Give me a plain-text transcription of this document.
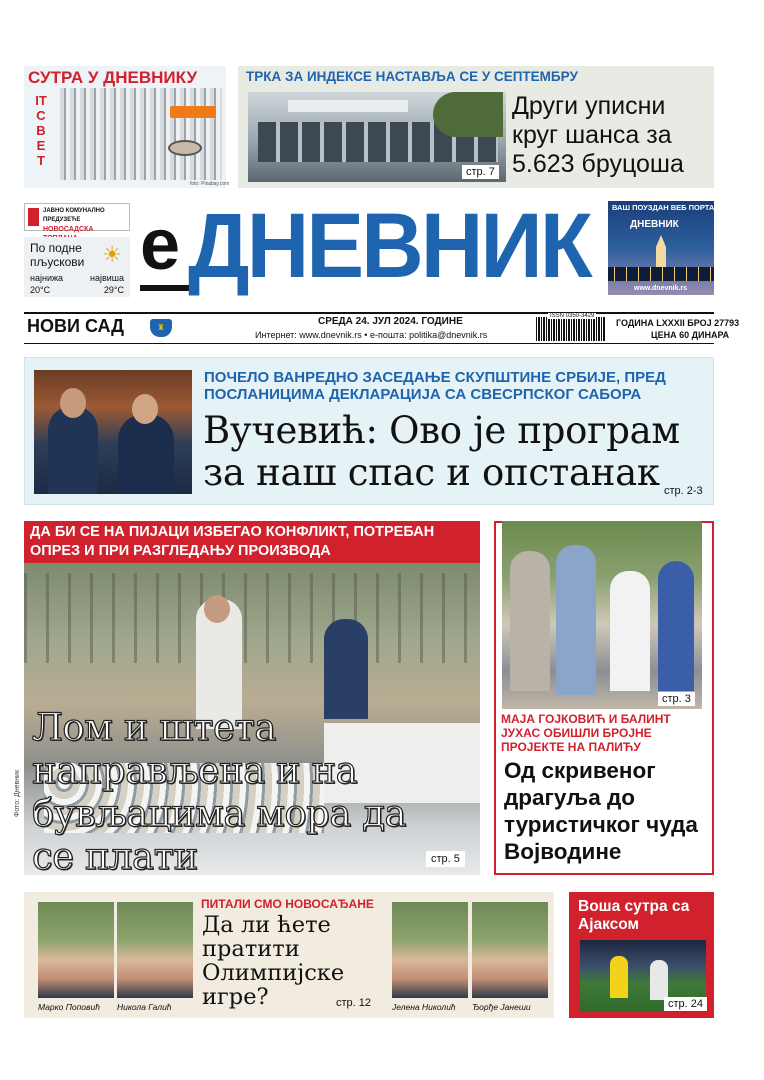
СУТРА У ДНЕВНИКУ
IT
С
В
Е
Т
foto: Pixabay.com
ТРКА ЗА ИНДЕКСЕ НАСТАВЉА СЕ У СЕПТЕМБРУ
Други уписни круг шанса за 5.623 бруцоша
стр. 7
ЈАВНО КОМУНАЛНО ПРЕДУЗЕЋЕ
НОВОСАДСКА
По подне пљускови ☀
најнижа	највиша
20°C	29°C
e ДНЕВНИК	ВАШ ПОУЗДАН ВЕБ ПОРТАЛ
ДНЕВНИК
www.dnevnik.rs
НОВИ САД	♜
СРЕДА 24. ЈУЛ 2024. ГОДИНЕ
Интернет: www.dnevnik.rs • е-пошта: politika@dnevnik.rs
ISSN 0350-3429
ГОДИНА LXXXII БРОЈ 27793
ЦЕНА 60 ДИНАРА
ПОЧЕЛО ВАНРЕДНО ЗАСЕДАЊЕ СКУПШТИНЕ СРБИЈЕ, ПРЕД ПОСЛАНИЦИМА ДЕКЛАРАЦИЈА СА СВЕСРПСКОГ САБОРА
Вучевић: Ово је програм за наш спас и опстанак стр. 2-3
ДА БИ СЕ НА ПИЈАЦИ ИЗБЕГАО КОНФЛИКТ, ПОТРЕБАН ОПРЕЗ И ПРИ РАЗГЛЕДАЊУ ПРОИЗВОДА
Лом и штета направљена и на бувљацима мора да се плати	стр. 5
Фото: Дневник
стр. 3
МАЈА ГОЈКОВИЋ И БАЛИНТ ЈУХАС ОБИШЛИ БРОЈНЕ ПРОЈЕКТЕ НА ПАЛИЋУ
Од скривеног драгуља до туристичког чуда Војводине
Марко Поповић Никола Галић	Јелена Николић Ђорђе Јанеши
ПИТАЛИ СМО НОВОСАЂАНЕ
Да ли ћете пратити Олимпијске игре?	стр. 12
Воша сутра са Ајаксом
стр. 24
